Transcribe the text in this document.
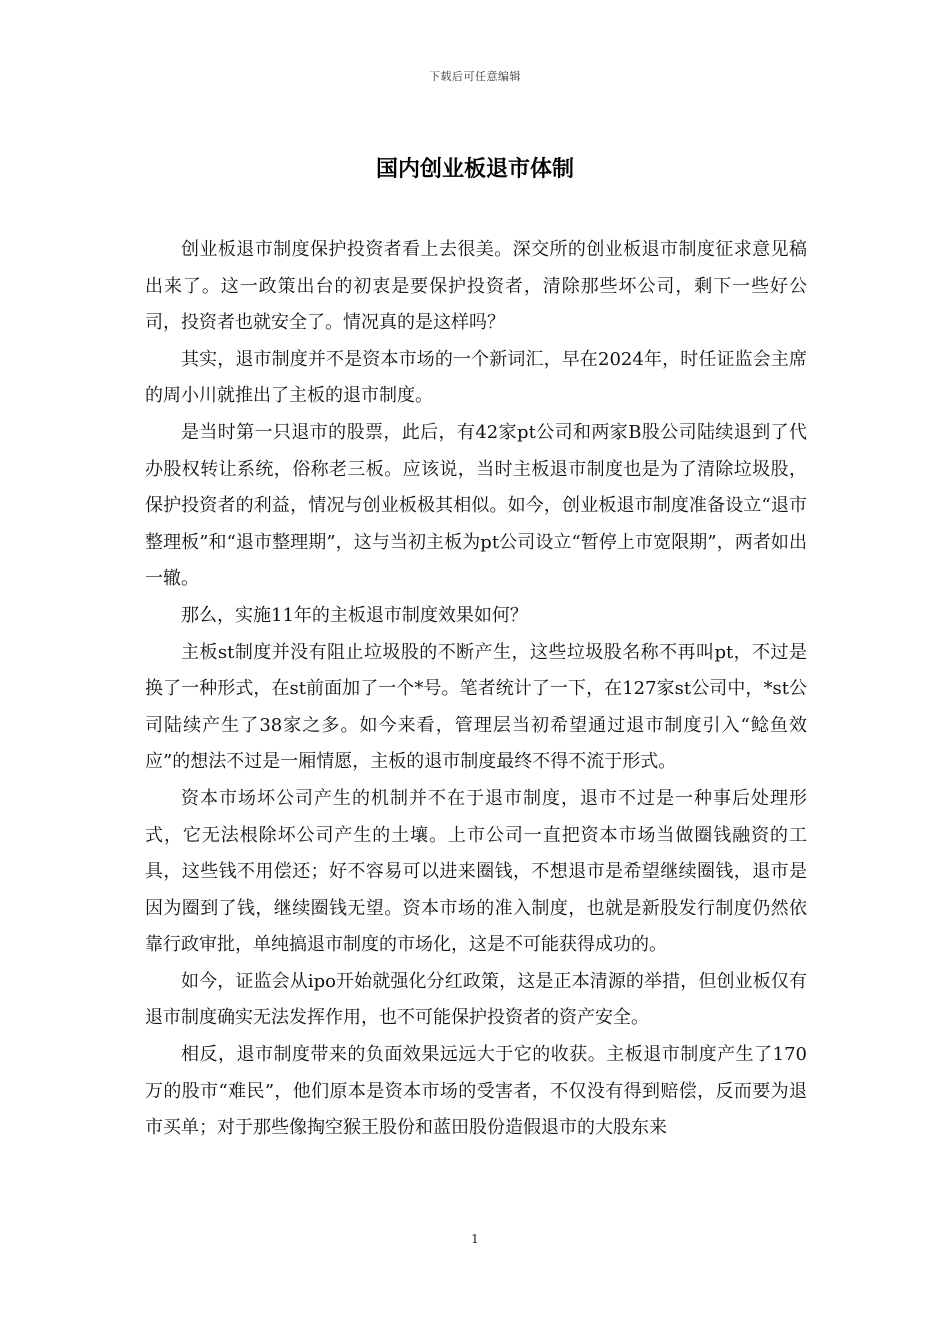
下载后可任意编辑
国内创业板退市体制

创业板退市制度保护投资者看上去很美。深交所的创业板退市制度征求意见稿出来了。这一政策出台的初衷是要保护投资者，清除那些坏公司，剩下一些好公司，投资者也就安全了。情况真的是这样吗？

其实，退市制度并不是资本市场的一个新词汇，早在2024年，时任证监会主席的周小川就推出了主板的退市制度。

是当时第一只退市的股票，此后，有42家pt公司和两家B股公司陆续退到了代办股权转让系统，俗称老三板。应该说，当时主板退市制度也是为了清除垃圾股，保护投资者的利益，情况与创业板极其相似。如今，创业板退市制度准备设立“退市整理板”和“退市整理期”，这与当初主板为pt公司设立“暂停上市宽限期”，两者如出一辙。

那么，实施11年的主板退市制度效果如何？

主板st制度并没有阻止垃圾股的不断产生，这些垃圾股名称不再叫pt，不过是换了一种形式，在st前面加了一个*号。笔者统计了一下，在127家st公司中，*st公司陆续产生了38家之多。如今来看，管理层当初希望通过退市制度引入“鲶鱼效应”的想法不过是一厢情愿，主板的退市制度最终不得不流于形式。

资本市场坏公司产生的机制并不在于退市制度，退市不过是一种事后处理形式，它无法根除坏公司产生的土壤。上市公司一直把资本市场当做圈钱融资的工具，这些钱不用偿还；好不容易可以进来圈钱，不想退市是希望继续圈钱，退市是因为圈到了钱，继续圈钱无望。资本市场的准入制度，也就是新股发行制度仍然依靠行政审批，单纯搞退市制度的市场化，这是不可能获得成功的。

如今，证监会从ipo开始就强化分红政策，这是正本清源的举措，但创业板仅有退市制度确实无法发挥作用，也不可能保护投资者的资产安全。

相反，退市制度带来的负面效果远远大于它的收获。主板退市制度产生了170万的股市“难民”，他们原本是资本市场的受害者，不仅没有得到赔偿，反而要为退市买单；对于那些像掏空猴王股份和蓝田股份造假退市的大股东来

1
